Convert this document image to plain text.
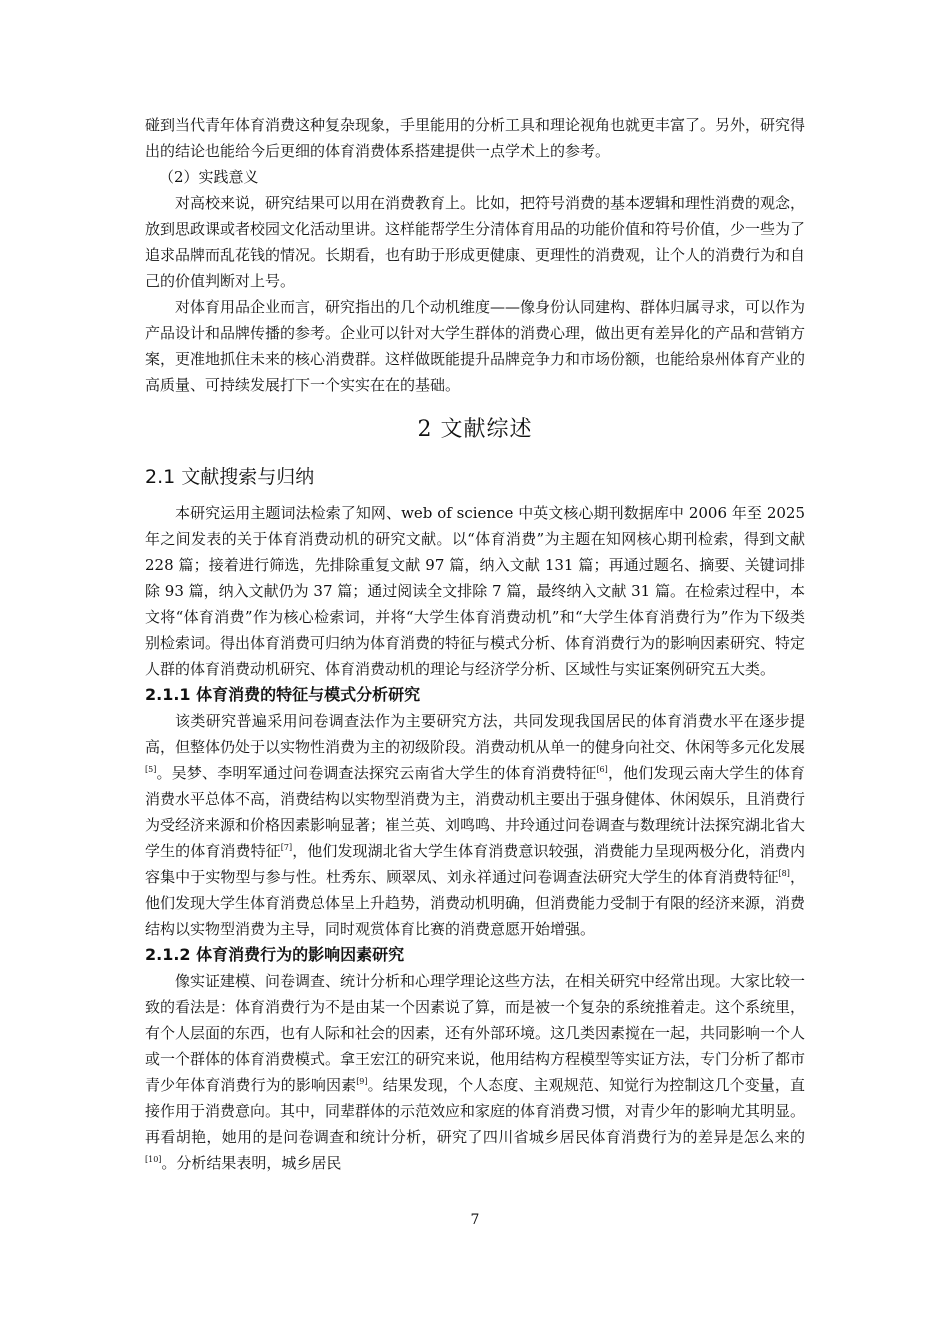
碰到当代青年体育消费这种复杂现象，手里能用的分析工具和理论视角也就更丰富了。另外，研究得出的结论也能给今后更细的体育消费体系搭建提供一点学术上的参考。

（2）实践意义

对高校来说，研究结果可以用在消费教育上。比如，把符号消费的基本逻辑和理性消费的观念，放到思政课或者校园文化活动里讲。这样能帮学生分清体育用品的功能价值和符号价值，少一些为了追求品牌而乱花钱的情况。长期看，也有助于形成更健康、更理性的消费观，让个人的消费行为和自己的价值判断对上号。

对体育用品企业而言，研究指出的几个动机维度——像身份认同建构、群体归属寻求，可以作为产品设计和品牌传播的参考。企业可以针对大学生群体的消费心理，做出更有差异化的产品和营销方案，更准地抓住未来的核心消费群。这样做既能提升品牌竞争力和市场份额，也能给泉州体育产业的高质量、可持续发展打下一个实实在在的基础。

2 文献综述
2.1 文献搜索与归纳

本研究运用主题词法检索了知网、web of science 中英文核心期刊数据库中 2006 年至 2025 年之间发表的关于体育消费动机的研究文献。以“体育消费”为主题在知网核心期刊检索，得到文献 228 篇；接着进行筛选，先排除重复文献 97 篇，纳入文献 131 篇；再通过题名、摘要、关键词排除 93 篇，纳入文献仍为 37 篇；通过阅读全文排除 7 篇，最终纳入文献 31 篇。在检索过程中，本文将“体育消费”作为核心检索词，并将“大学生体育消费动机”和“大学生体育消费行为”作为下级类别检索词。得出体育消费可归纳为体育消费的特征与模式分析、体育消费行为的影响因素研究、特定人群的体育消费动机研究、体育消费动机的理论与经济学分析、区域性与实证案例研究五大类。

2.1.1 体育消费的特征与模式分析研究

该类研究普遍采用问卷调查法作为主要研究方法，共同发现我国居民的体育消费水平在逐步提高，但整体仍处于以实物性消费为主的初级阶段。消费动机从单一的健身向社交、休闲等多元化发展[5]。吴梦、李明军通过问卷调查法探究云南省大学生的体育消费特征[6]，他们发现云南大学生的体育消费水平总体不高，消费结构以实物型消费为主，消费动机主要出于强身健体、休闲娱乐，且消费行为受经济来源和价格因素影响显著；崔兰英、刘鸣鸣、井玲通过问卷调查与数理统计法探究湖北省大学生的体育消费特征[7]，他们发现湖北省大学生体育消费意识较强，消费能力呈现两极分化，消费内容集中于实物型与参与性。杜秀东、顾翠凤、刘永祥通过问卷调查法研究大学生的体育消费特征[8]，他们发现大学生体育消费总体呈上升趋势，消费动机明确，但消费能力受制于有限的经济来源，消费结构以实物型消费为主导，同时观赏体育比赛的消费意愿开始增强。

2.1.2 体育消费行为的影响因素研究

像实证建模、问卷调查、统计分析和心理学理论这些方法，在相关研究中经常出现。大家比较一致的看法是：体育消费行为不是由某一个因素说了算，而是被一个复杂的系统推着走。这个系统里，有个人层面的东西，也有人际和社会的因素，还有外部环境。这几类因素搅在一起，共同影响一个人或一个群体的体育消费模式。拿王宏江的研究来说，他用结构方程模型等实证方法，专门分析了都市青少年体育消费行为的影响因素[9]。结果发现，个人态度、主观规范、知觉行为控制这几个变量，直接作用于消费意向。其中，同辈群体的示范效应和家庭的体育消费习惯，对青少年的影响尤其明显。再看胡艳，她用的是问卷调查和统计分析，研究了四川省城乡居民体育消费行为的差异是怎么来的[10]。分析结果表明，城乡居民

7
